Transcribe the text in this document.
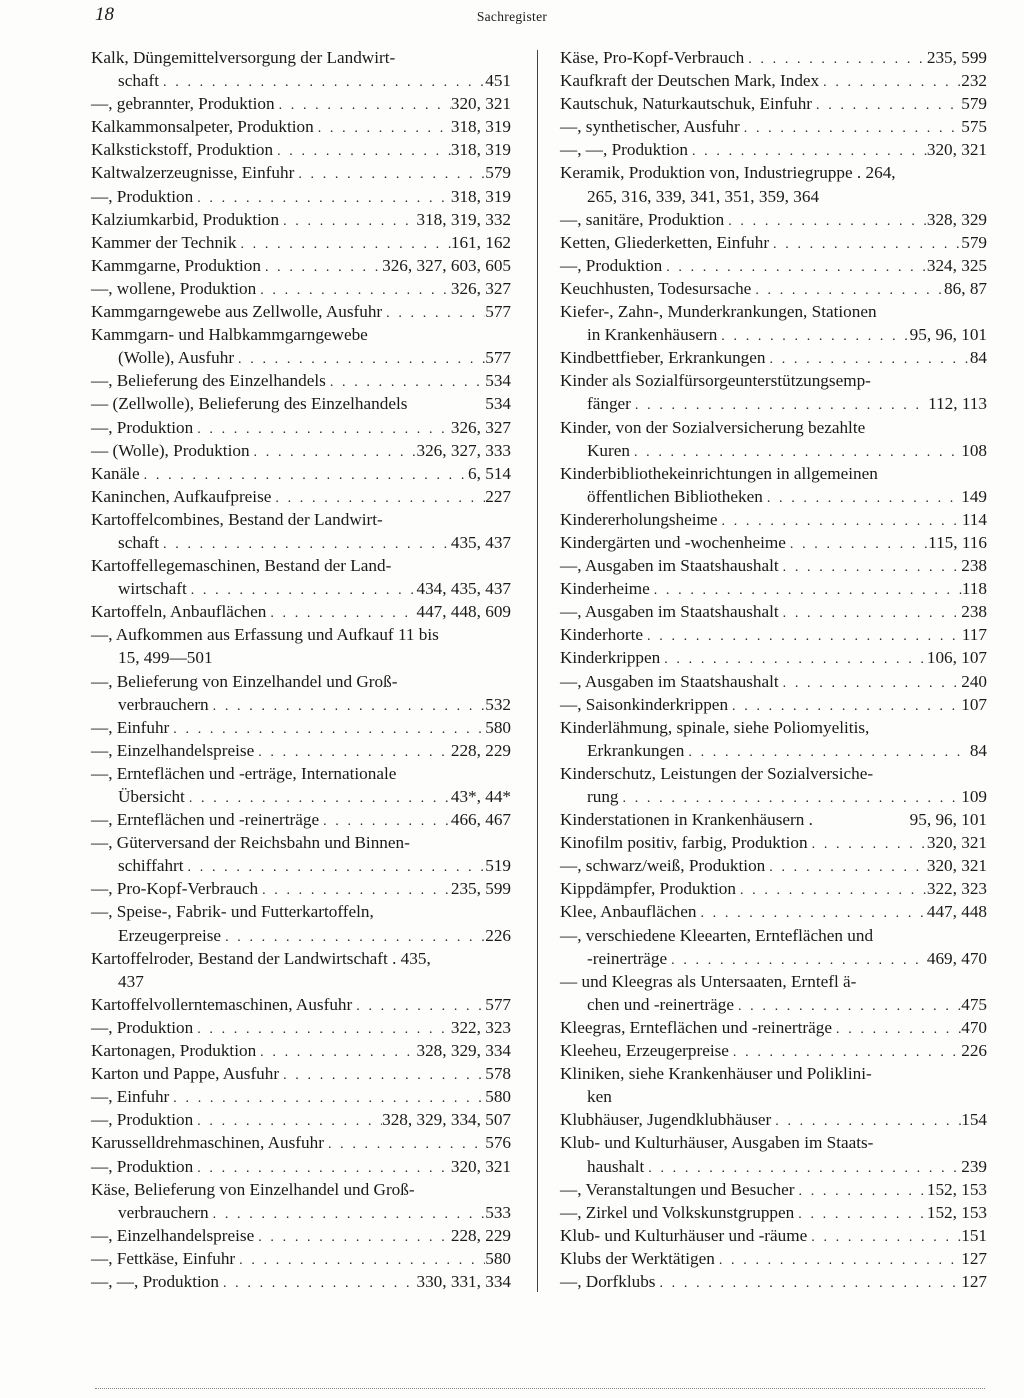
18	Sachregister
Kalk, Düngemittelversorgung der Landwirt-
schaft . . .	451
—, gebrannter, Produktion . . .	320, 321
Kalkammonsalpeter, Produktion . . .	318, 319
Kalkstickstoff, Produktion . . .	318, 319
Kaltwalzerzeugnisse, Einfuhr . . .	579
—, Produktion . . .	318, 319
Kalziumkarbid, Produktion . . .	318, 319, 332
Kammer der Technik . . .	161, 162
Kammgarne, Produktion . . .	326, 327, 603, 605
—, wollene, Produktion . . .	326, 327
Kammgarngewebe aus Zellwolle, Ausfuhr . . .	577
Kammgarn- und Halbkammgarngewebe
(Wolle), Ausfuhr . . .	577
—, Belieferung des Einzelhandels . . .	534
— (Zellwolle), Belieferung des Einzelhandels	534
—, Produktion . . .	326, 327
— (Wolle), Produktion . . .	326, 327, 333
Kanäle . . .	6, 514
Kaninchen, Aufkaufpreise . . .	227
Kartoffelcombines, Bestand der Landwirt-
schaft . . .	435, 437
Kartoffellegemaschinen, Bestand der Land-
wirtschaft . . .	434, 435, 437
Kartoffeln, Anbauflächen . . .	447, 448, 609
—, Aufkommen aus Erfassung und Aufkauf 11 bis
15, 499—501
—, Belieferung von Einzelhandel und Groß-
verbrauchern . . .	532
—, Einfuhr . . .	580
—, Einzelhandelspreise . . .	228, 229
—, Ernteflächen und -erträge, Internationale
Übersicht . . .	43*, 44*
—, Ernteflächen und -reinerträge . . .	466, 467
—, Güterversand der Reichsbahn und Binnen-
schiffahrt . . .	519
—, Pro-Kopf-Verbrauch . . .	235, 599
—, Speise-, Fabrik- und Futterkartoffeln,
Erzeugerpreise . . .	226
Kartoffelroder, Bestand der Landwirtschaft . 435,
437
Kartoffelvollerntemaschinen, Ausfuhr . . .	577
—, Produktion . . .	322, 323
Kartonagen, Produktion . . .	328, 329, 334
Karton und Pappe, Ausfuhr . . .	578
—, Einfuhr . . .	580
—, Produktion . . .	328, 329, 334, 507
Karusselldrehmaschinen, Ausfuhr . . .	576
—, Produktion . . .	320, 321
Käse, Belieferung von Einzelhandel und Groß-
verbrauchern . . .	533
—, Einzelhandelspreise . . .	228, 229
—, Fettkäse, Einfuhr . . .	580
—, —, Produktion . . .	330, 331, 334
Käse, Pro-Kopf-Verbrauch . . .	235, 599
Kaufkraft der Deutschen Mark, Index . . .	232
Kautschuk, Naturkautschuk, Einfuhr . . .	579
—, synthetischer, Ausfuhr . . .	575
—, —, Produktion . . .	320, 321
Keramik, Produktion von, Industriegruppe . 264,
265, 316, 339, 341, 351, 359, 364
—, sanitäre, Produktion . . .	328, 329
Ketten, Gliederketten, Einfuhr . . .	579
—, Produktion . . .	324, 325
Keuchhusten, Todesursache . . .	86, 87
Kiefer-, Zahn-, Munderkrankungen, Stationen
in Krankenhäusern . . .	95, 96, 101
Kindbettfieber, Erkrankungen . . .	84
Kinder als Sozialfürsorgeunterstützungsemp-
fänger . . .	112, 113
Kinder, von der Sozialversicherung bezahlte
Kuren . . .	108
Kinderbibliothekeinrichtungen in allgemeinen
öffentlichen Bibliotheken . . .	149
Kindererholungsheime . . .	114
Kindergärten und -wochenheime . . .	115, 116
—, Ausgaben im Staatshaushalt . . .	238
Kinderheime . . .	118
—, Ausgaben im Staatshaushalt . . .	238
Kinderhorte . . .	117
Kinderkrippen . . .	106, 107
—, Ausgaben im Staatshaushalt . . .	240
—, Saisonkinderkrippen . . .	107
Kinderlähmung, spinale, siehe Poliomyelitis,
Erkrankungen . . .	84
Kinderschutz, Leistungen der Sozialversiche-
rung . . .	109
Kinderstationen in Krankenhäusern .	95, 96, 101
Kinofilm positiv, farbig, Produktion . . .	320, 321
—, schwarz/weiß, Produktion . . .	320, 321
Kippdämpfer, Produktion . . .	322, 323
Klee, Anbauflächen . . .	447, 448
—, verschiedene Kleearten, Ernteflächen und
-reinerträge . . .	469, 470
— und Kleegras als Untersaaten, Erntefl ä-
chen und -reinerträge . . .	475
Kleegras, Ernteflächen und -reinerträge . . .	470
Kleeheu, Erzeugerpreise . . .	226
Kliniken, siehe Krankenhäuser und Poliklini-
ken
Klubhäuser, Jugendklubhäuser . . .	154
Klub- und Kulturhäuser, Ausgaben im Staats-
haushalt . . .	239
—, Veranstaltungen und Besucher . . .	152, 153
—, Zirkel und Volkskunstgruppen . . .	152, 153
Klub- und Kulturhäuser und -räume . . .	151
Klubs der Werktätigen . . .	127
—, Dorfklubs . . .	127
